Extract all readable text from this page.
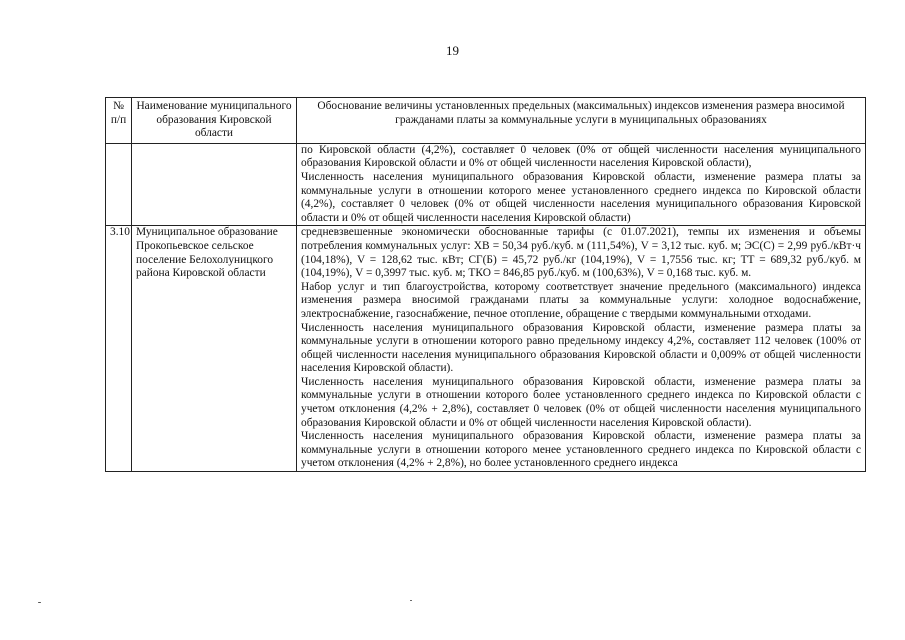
19
№ п/п	Наименование муниципального образования Кировской области	Обоснование величины установленных предельных (максимальных) индексов изменения размера вносимой гражданами платы за коммунальные услуги в муниципальных образованиях

		по Кировской области (4,2%), составляет 0 человек (0% от общей численности населения муниципального образования Кировской области и 0% от общей численности населения Кировской области),

Численность населения муниципального образования Кировской области, изменение размера платы за коммунальные услуги в отношении которого менее установленного среднего индекса по Кировской области (4,2%), составляет 0 человек (0% от общей численности населения муниципального образования Кировской области и 0% от общей численности населения Кировской области)

3.10	Муниципальное образование Прокопьевское сельское поселение Белохолуницкого района Кировской области	средневзвешенные экономически обоснованные тарифы (с 01.07.2021), темпы их изменения и объемы потребления коммунальных услуг: ХВ = 50,34 руб./куб. м (111,54%), V = 3,12 тыс. куб. м; ЭС(С) = 2,99 руб./кВт·ч (104,18%), V = 128,62 тыс. кВт; СГ(Б) = 45,72 руб./кг (104,19%), V = 1,7556 тыс. кг; ТТ = 689,32 руб./куб. м (104,19%), V = 0,3997 тыс. куб. м; ТКО = 846,85 руб./куб. м (100,63%), V = 0,168 тыс. куб. м.

Набор услуг и тип благоустройства, которому соответствует значение предельного (максимального) индекса изменения размера вносимой гражданами платы за коммунальные услуги: холодное водоснабжение, электроснабжение, газоснабжение, печное отопление, обращение с твердыми коммунальными отходами.

Численность населения муниципального образования Кировской области, изменение размера платы за коммунальные услуги в отношении которого равно предельному индексу 4,2%, составляет 112 человек (100% от общей численности населения муниципального образования Кировской области и 0,009% от общей численности населения Кировской области).

Численность населения муниципального образования Кировской области, изменение размера платы за коммунальные услуги в отношении которого более установленного среднего индекса по Кировской области с учетом отклонения (4,2% + 2,8%), составляет 0 человек (0% от общей численности населения муниципального образования Кировской области и 0% от общей численности населения Кировской области).

Численность населения муниципального образования Кировской области, изменение размера платы за коммунальные услуги в отношении которого менее установленного среднего индекса по Кировской области с учетом отклонения (4,2% + 2,8%), но более установленного среднего индекса
